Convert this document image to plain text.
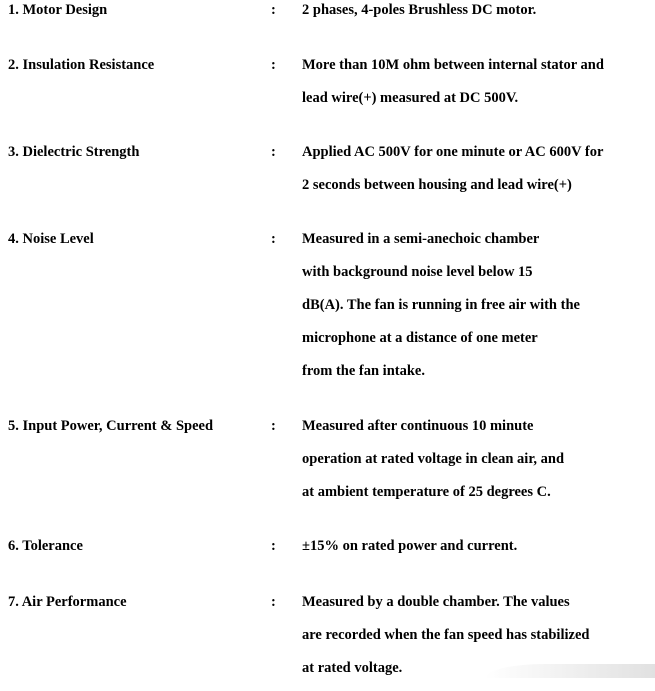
1. Motor Design	: 2 phases, 4-poles Brushless DC motor.
2. Insulation Resistance	: More than 10M ohm between internal stator and
lead wire(+) measured at DC 500V.
3. Dielectric Strength	: Applied AC 500V for one minute or AC 600V for
2 seconds between housing and lead wire(+)
4. Noise Level	: Measured in a semi-anechoic chamber
with background noise level below 15
dB(A). The fan is running in free air with the
microphone at a distance of one meter
from the fan intake.
5. Input Power, Current & Speed	: Measured after continuous 10 minute
operation at rated voltage in clean air, and
at ambient temperature of 25 degrees C.
6. Tolerance	: ±15% on rated power and current.
7. Air Performance	: Measured by a double chamber. The values
are recorded when the fan speed has stabilized
at rated voltage.
